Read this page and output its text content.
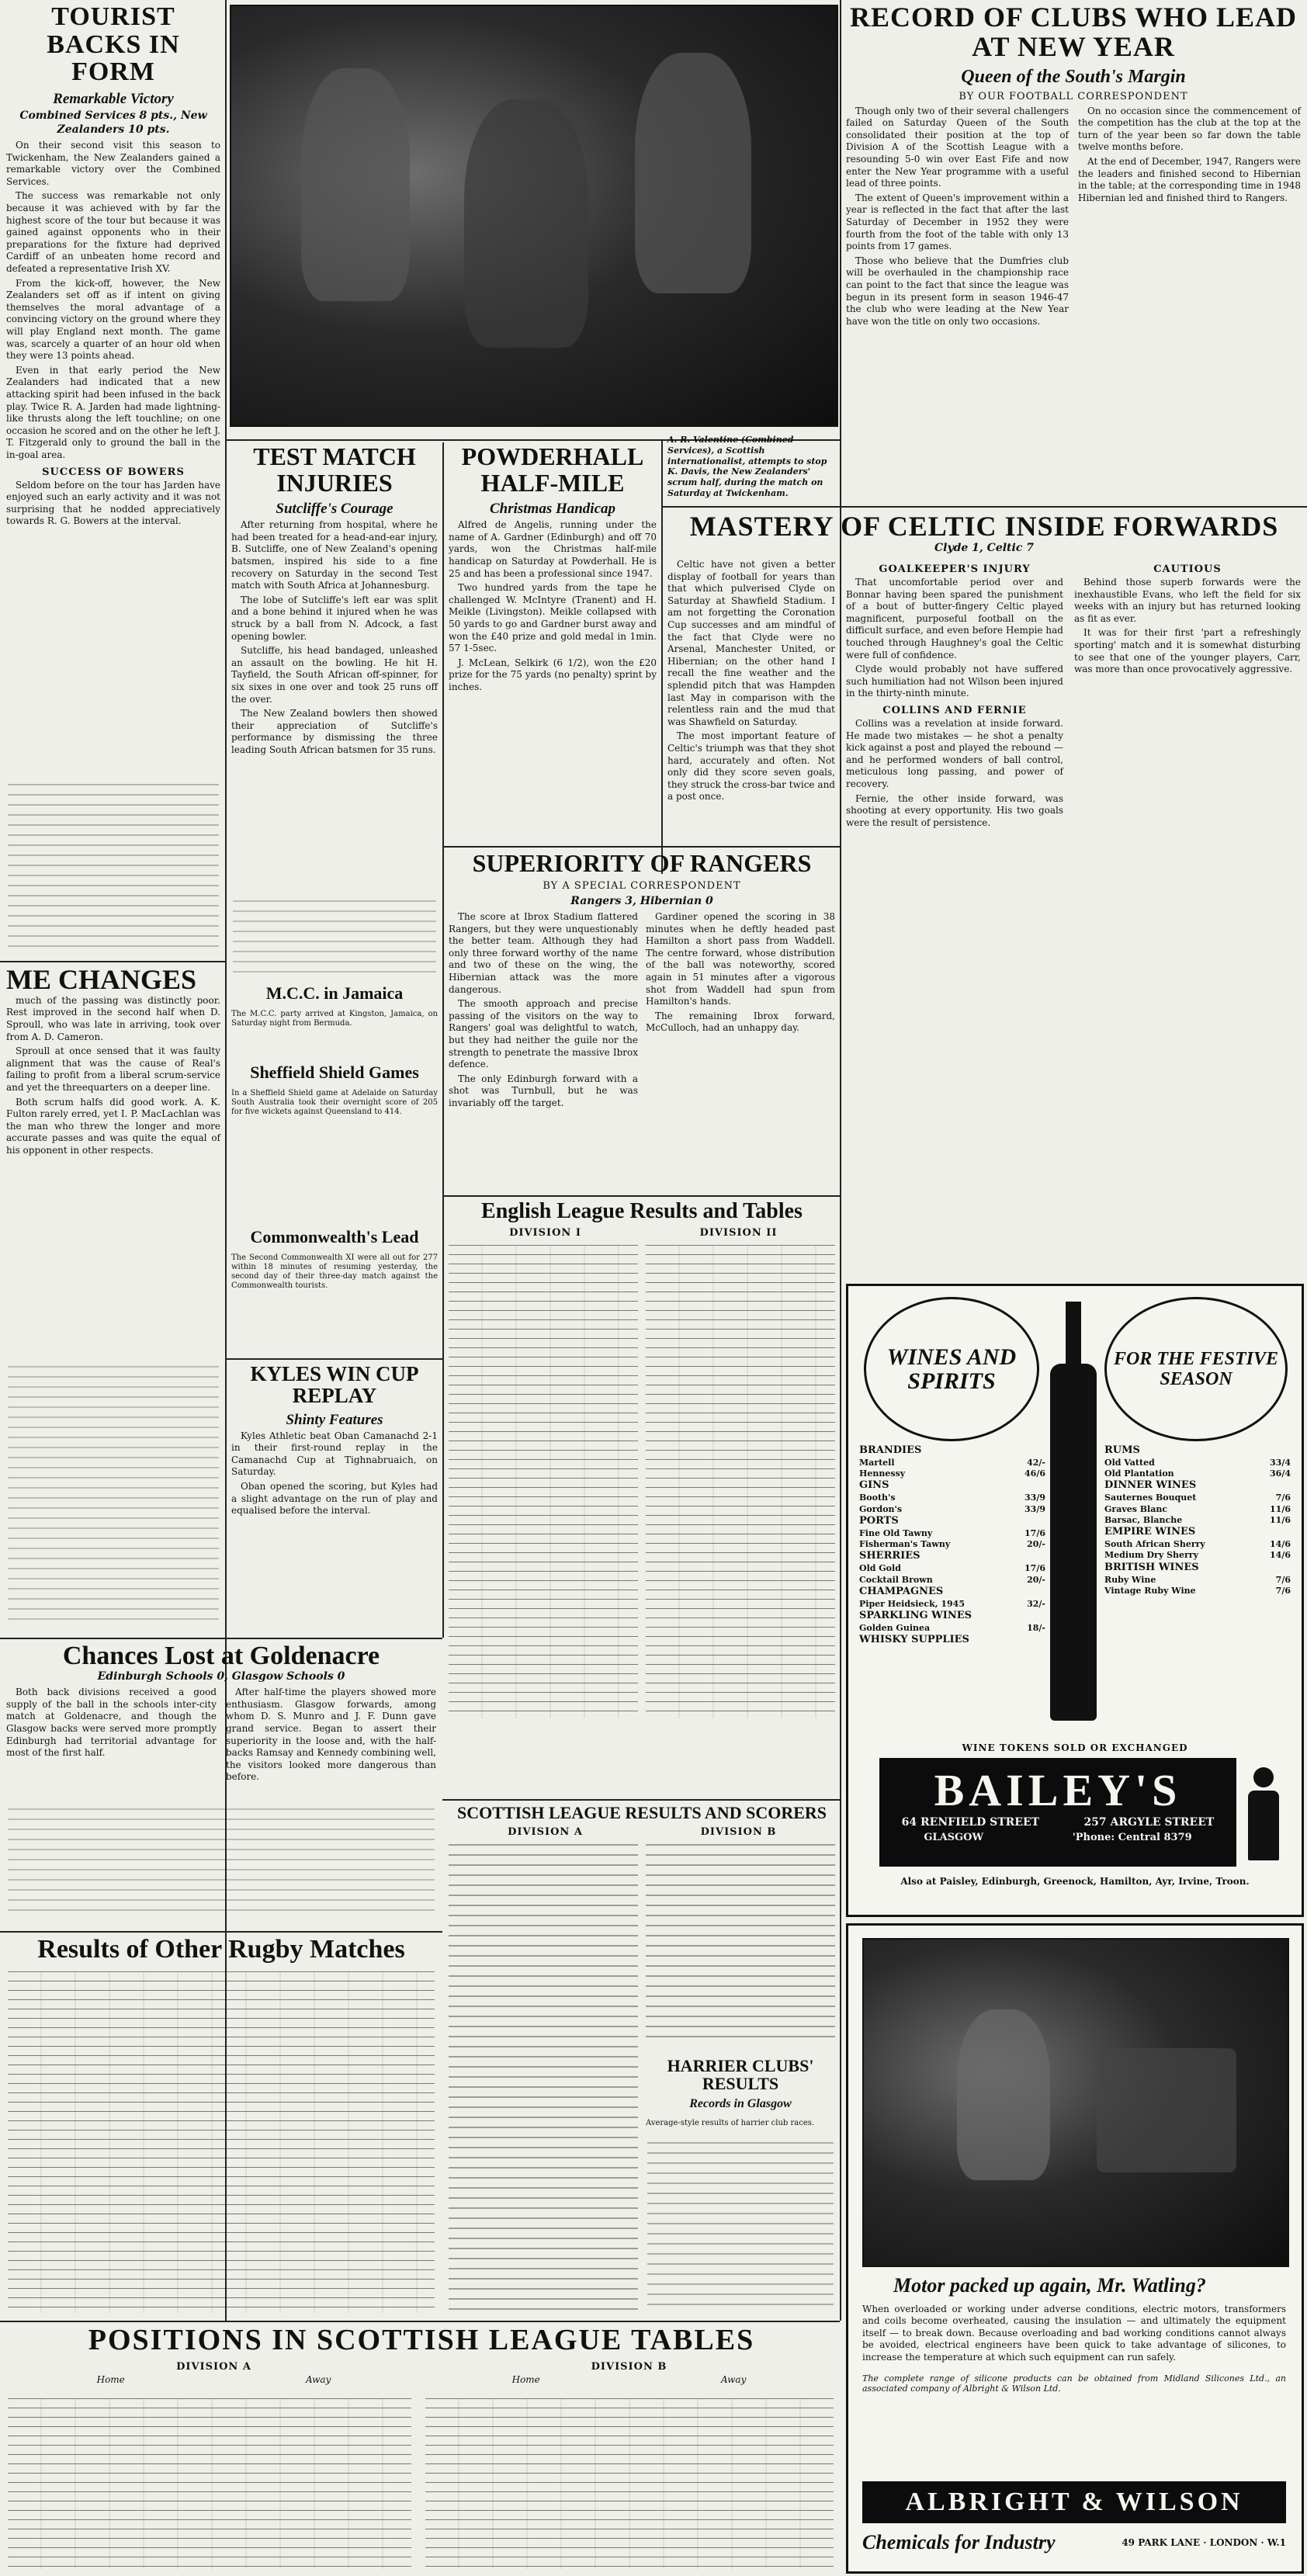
TOURIST BACKS IN FORM
Remarkable Victory
Combined Services 8 pts., New Zealanders 10 pts.

On their second visit this season to Twickenham, the New Zealanders gained a remarkable victory over the Combined Services.

The success was remarkable not only because it was achieved with by far the highest score of the tour but because it was gained against opponents who in their preparations for the fixture had deprived Cardiff of an unbeaten home record and defeated a representative Irish XV.

From the kick-off, however, the New Zealanders set off as if intent on giving themselves the moral advantage of a convincing victory on the ground where they will play England next month. The game was, scarcely a quarter of an hour old when they were 13 points ahead.

Even in that early period the New Zealanders had indicated that a new attacking spirit had been infused in the back play. Twice R. A. Jarden had made lightning-like thrusts along the left touchline; on one occasion he scored and on the other he left J. T. Fitzgerald only to ground the ball in the in-goal area.

SUCCESS OF BOWERS

Seldom before on the tour has Jarden have enjoyed such an early activity and it was not surprising that he nodded appreciatively towards R. G. Bowers at the interval.

ME CHANGES

much of the passing was distinctly poor. Rest improved in the second half when D. Sproull, who was late in arriving, took over from A. D. Cameron.

Sproull at once sensed that it was faulty alignment that was the cause of Real's failing to profit from a liberal scrum-service and yet the threequarters on a deeper line.

Both scrum halfs did good work. A. K. Fulton rarely erred, yet I. P. MacLachlan was the man who threw the longer and more accurate passes and was quite the equal of his opponent in other respects.

Chances Lost at Goldenacre
Edinburgh Schools 0, Glasgow Schools 0

Both back divisions received a good supply of the ball in the schools inter-city match at Goldenacre, and though the Glasgow backs were served more promptly Edinburgh had territorial advantage for most of the first half.

After half-time the players showed more enthusiasm. Glasgow forwards, among whom D. S. Munro and J. F. Dunn gave grand service. Began to assert their superiority in the loose and, with the half-backs Ramsay and Kennedy combining well, the visitors looked more dangerous than before.

Results of Other Rugby Matches
TEST MATCH INJURIES
Sutcliffe's Courage

After returning from hospital, where he had been treated for a head-and-ear injury, B. Sutcliffe, one of New Zealand's opening batsmen, inspired his side to a fine recovery on Saturday in the second Test match with South Africa at Johannesburg.

The lobe of Sutcliffe's left ear was split and a bone behind it injured when he was struck by a ball from N. Adcock, a fast opening bowler.

Sutcliffe, his head bandaged, unleashed an assault on the bowling. He hit H. Tayfield, the South African off-spinner, for six sixes in one over and took 25 runs off the over.

The New Zealand bowlers then showed their appreciation of Sutcliffe's performance by dismissing the three leading South African batsmen for 35 runs.

M.C.C. in Jamaica

The M.C.C. party arrived at Kingston, Jamaica, on Saturday night from Bermuda.

Sheffield Shield Games

In a Sheffield Shield game at Adelaide on Saturday South Australia took their overnight score of 205 for five wickets against Queensland to 414.

Commonwealth's Lead

The Second Commonwealth XI were all out for 277 within 18 minutes of resuming yesterday, the second day of their three-day match against the Commonwealth tourists.

KYLES WIN CUP REPLAY
Shinty Features

Kyles Athletic beat Oban Camanachd 2-1 in their first-round replay in the Camanachd Cup at Tighnabruaich, on Saturday.

Oban opened the scoring, but Kyles had a slight advantage on the run of play and equalised before the interval.

POWDERHALL HALF-MILE
Christmas Handicap

Alfred de Angelis, running under the name of A. Gardner (Edinburgh) and off 70 yards, won the Christmas half-mile handicap on Saturday at Powderhall. He is 25 and has been a professional since 1947.

Two hundred yards from the tape he challenged W. McIntyre (Tranent) and H. Meikle (Livingston). Meikle collapsed with 50 yards to go and Gardner burst away and won the £40 prize and gold medal in 1min. 57 1-5sec.

J. McLean, Selkirk (6 1/2), won the £20 prize for the 75 yards (no penalty) sprint by inches.

A. R. Valentine (Combined Services), a Scottish internationalist, attempts to stop K. Davis, the New Zealanders' scrum half, during the match on Saturday at Twickenham.
SUPERIORITY OF RANGERS
BY A SPECIAL CORRESPONDENT
Rangers 3, Hibernian 0

The score at Ibrox Stadium flattered Rangers, but they were unquestionably the better team. Although they had only three forward worthy of the name and two of these on the wing, the Hibernian attack was the more dangerous.

The smooth approach and precise passing of the visitors on the way to Rangers' goal was delightful to watch, but they had neither the guile nor the strength to penetrate the massive Ibrox defence.

The only Edinburgh forward with a shot was Turnbull, but he was invariably off the target.

Gardiner opened the scoring in 38 minutes when he deftly headed past Hamilton a short pass from Waddell. The centre forward, whose distribution of the ball was noteworthy, scored again in 51 minutes after a vigorous shot from Waddell had spun from Hamilton's hands.

The remaining Ibrox forward, McCulloch, had an unhappy day.

English League Results and Tables
DIVISION I	DIVISION II
SCOTTISH LEAGUE RESULTS AND SCORERS
DIVISION A	DIVISION B
HARRIER CLUBS' RESULTS
Records in Glasgow

Average-style results of harrier club races.

RECORD OF CLUBS WHO LEAD AT NEW YEAR
Queen of the South's Margin
BY OUR FOOTBALL CORRESPONDENT

Though only two of their several challengers failed on Saturday Queen of the South consolidated their position at the top of Division A of the Scottish League with a resounding 5-0 win over East Fife and now enter the New Year programme with a useful lead of three points.

The extent of Queen's improvement within a year is reflected in the fact that after the last Saturday of December in 1952 they were fourth from the foot of the table with only 13 points from 17 games.

Those who believe that the Dumfries club will be overhauled in the championship race can point to the fact that since the league was begun in its present form in season 1946-47 the club who were leading at the New Year have won the title on only two occasions.

On no occasion since the commencement of the competition has the club at the top at the turn of the year been so far down the table twelve months before.

At the end of December, 1947, Rangers were the leaders and finished second to Hibernian in the table; at the corresponding time in 1948 Hibernian led and finished third to Rangers.

MASTERY OF CELTIC INSIDE FORWARDS
Clyde 1, Celtic 7

Celtic have not given a better display of football for years than that which pulverised Clyde on Saturday at Shawfield Stadium. I am not forgetting the Coronation Cup successes and am mindful of the fact that Clyde were no Arsenal, Manchester United, or Hibernian; on the other hand I recall the fine weather and the splendid pitch that was Hampden last May in comparison with the relentless rain and the mud that was Shawfield on Saturday.

The most important feature of Celtic's triumph was that they shot hard, accurately and often. Not only did they score seven goals, they struck the cross-bar twice and a post once.

GOALKEEPER'S INJURY

That uncomfortable period over and Bonnar having been spared the punishment of a bout of butter-fingery Celtic played magnificent, purposeful football on the difficult surface, and even before Hempie had touched through Haughney's goal the Celtic were full of confidence.

Clyde would probably not have suffered such humiliation had not Wilson been injured in the thirty-ninth minute.

COLLINS AND FERNIE

Collins was a revelation at inside forward. He made two mistakes — he shot a penalty kick against a post and played the rebound — and he performed wonders of ball control, meticulous long passing, and power of recovery.

Fernie, the other inside forward, was shooting at every opportunity. His two goals were the result of persistence.

CAUTIOUS

Behind those superb forwards were the inexhaustible Evans, who left the field for six weeks with an injury but has returned looking as fit as ever.

It was for their first 'part a refreshingly sporting' match and it is somewhat disturbing to see that one of the younger players, Carr, was more than once provocatively aggressive.

WINES AND SPIRITS
FOR THE FESTIVE SEASON
BRANDIES
Martell	42/-
Hennessy	46/6
GINS
Booth's	33/9
Gordon's	33/9
PORTS
Fine Old Tawny	17/6
Fisherman's Tawny	20/-
SHERRIES
Old Gold	17/6
Cocktail Brown	20/-
CHAMPAGNES
Piper Heidsieck, 1945	32/-
SPARKLING WINES
Golden Guinea	18/-
WHISKY SUPPLIES
RUMS
Old Vatted	33/4
Old Plantation	36/4
DINNER WINES
Sauternes Bouquet	7/6
Graves Blanc	11/6
Barsac, Blanche	11/6
EMPIRE WINES
South African Sherry	14/6
Medium Dry Sherry	14/6
BRITISH WINES
Ruby Wine	7/6
Vintage Ruby Wine	7/6
WINE TOKENS SOLD OR EXCHANGED
BAILEY'S
64 RENFIELD STREET	257 ARGYLE STREET
GLASGOW	'Phone: Central 8379
Also at Paisley, Edinburgh, Greenock, Hamilton, Ayr, Irvine, Troon.
Motor packed up again, Mr. Watling?

When overloaded or working under adverse conditions, electric motors, transformers and coils become overheated, causing the insulation — and ultimately the equipment itself — to break down. Because overloading and bad working conditions cannot always be avoided, electrical engineers have been quick to take advantage of silicones, to increase the temperature at which such equipment can run safely.

The complete range of silicone products can be obtained from Midland Silicones Ltd., an associated company of Albright & Wilson Ltd.

ALBRIGHT & WILSON
Chemicals for Industry	49 PARK LANE · LONDON · W.1
POSITIONS IN SCOTTISH LEAGUE TABLES
DIVISION A
Home	Away
DIVISION B
Home	Away
